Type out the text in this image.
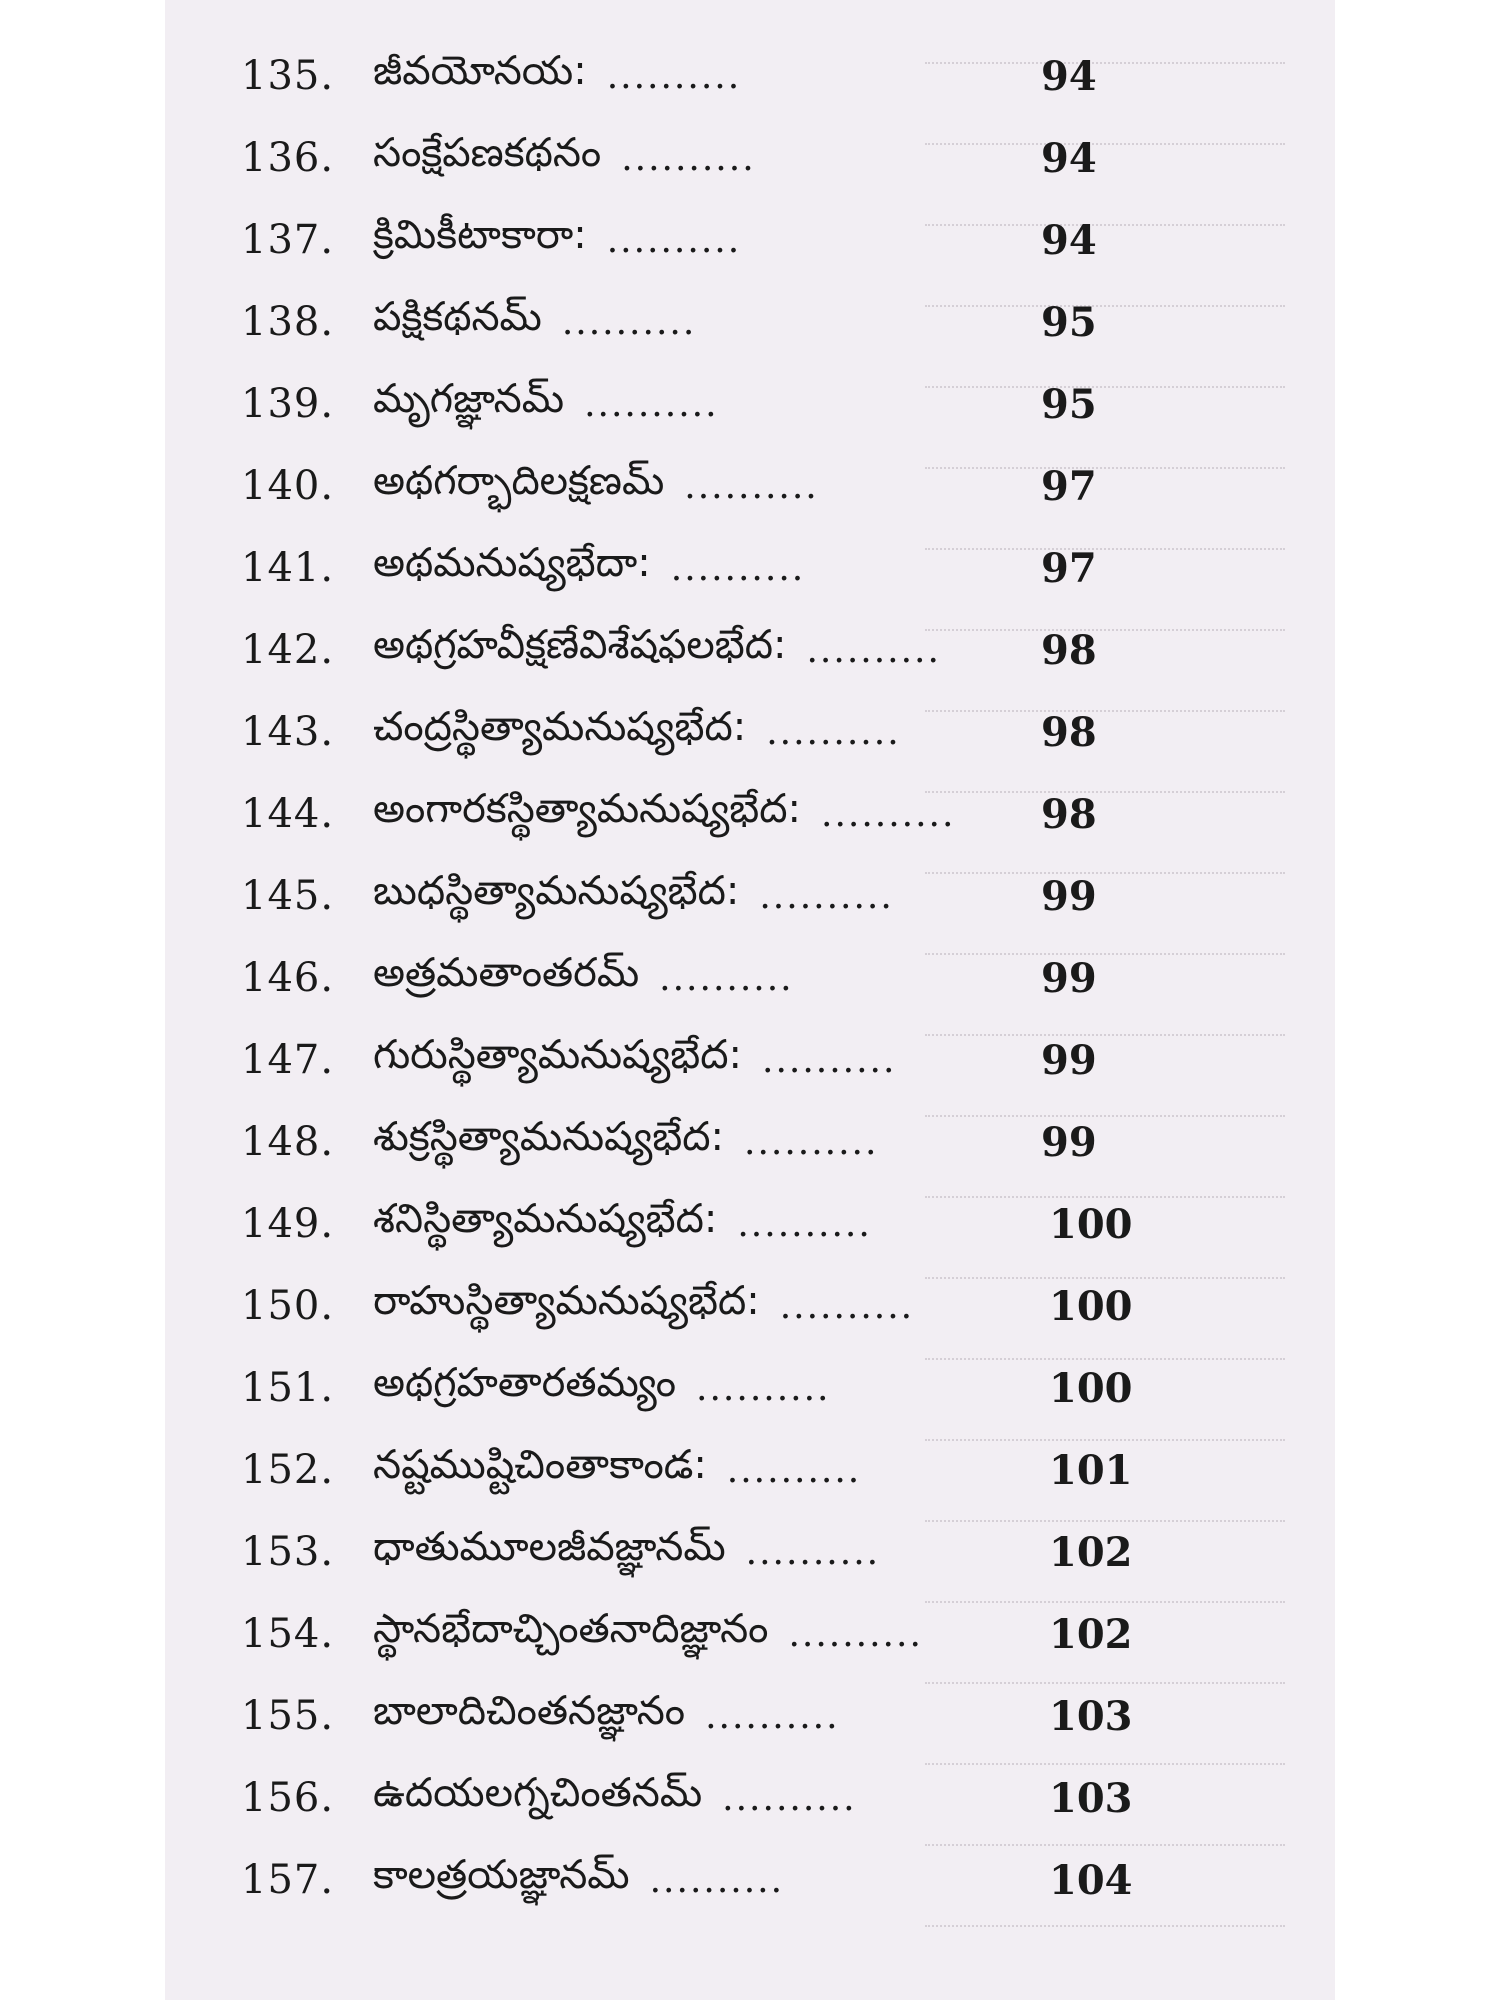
135. జీవయోనయ: ..........	94
136. సంక్షేపణకథనం ..........	94
137. క్రిమికీటాకారా: ..........	94
138. పక్షికథనమ్ ..........	95
139. మృగజ్ఞానమ్ ..........	95
140. అథగర్భాదిలక్షణమ్ ..........	97
141. అథమనుష్యభేదా: ..........	97
142. అథగ్రహవీక్షణేవిశేషఫలభేద: ..........	98
143. చంద్రస్థిత్యామనుష్యభేద: ..........	98
144. అంగారకస్థిత్యామనుష్యభేద: .......... 98
145. బుధస్థిత్యామనుష్యభేద: ..........	99
146. అత్రమతాంతరమ్ ..........	99
147. గురుస్థిత్యామనుష్యభేద: ..........	99
148. శుక్రస్థిత్యామనుష్యభేద: ..........	99
149. శనిస్థిత్యామనుష్యభేద: ..........	100
150. రాహుస్థిత్యామనుష్యభేద: ..........	100
151. అథగ్రహతారతమ్యం ..........	100
152. నష్టముష్టిచింతాకాండ: ..........	101
153. ధాతుమూలజీవజ్ఞానమ్ ..........	102
154. స్థానభేదాచ్చింతనాదిజ్ఞానం ..........	102
155. బాలాదిచింతనజ్ఞానం ..........	103
156. ఉదయలగ్నచింతనమ్ ..........	103
157. కాలత్రయజ్ఞానమ్ ..........	104
